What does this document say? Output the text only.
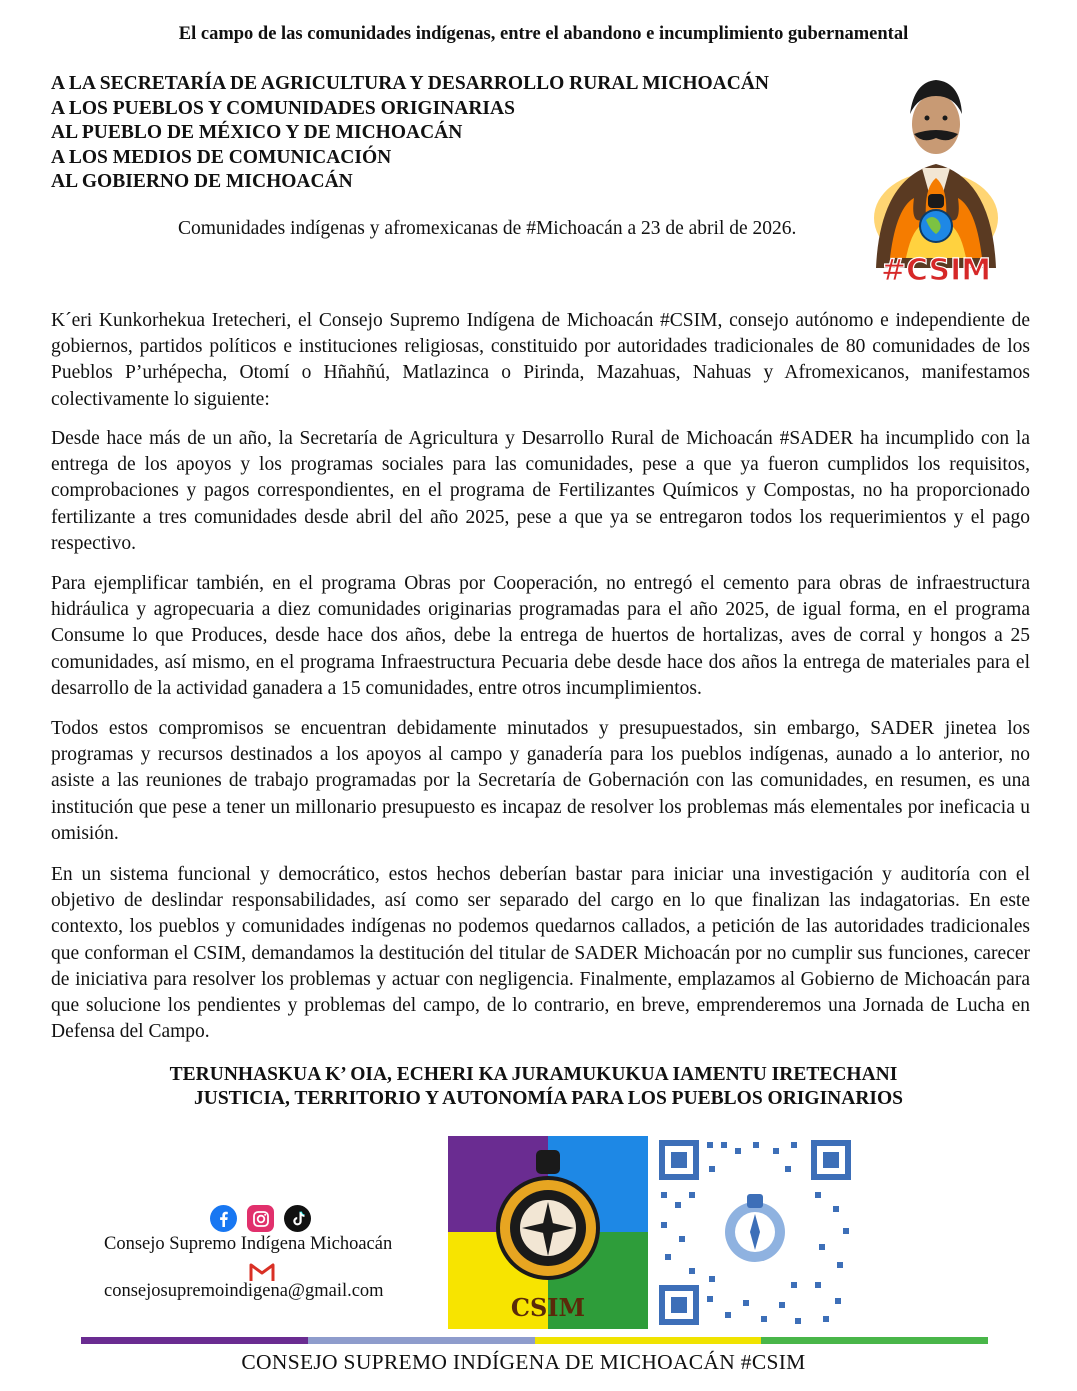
El campo de las comunidades indígenas, entre el abandono e incumplimiento gubernamental
A LA SECRETARÍA DE AGRICULTURA Y DESARROLLO RURAL MICHOACÁN
A LOS PUEBLOS Y COMUNIDADES ORIGINARIAS
AL PUEBLO DE MÉXICO Y DE MICHOACÁN
A LOS MEDIOS DE COMUNICACIÓN
AL GOBIERNO DE MICHOACÁN
Comunidades indígenas y afromexicanas de #Michoacán a 23 de abril de 2026.
#CSIM
K´eri Kunkorhekua Iretecheri, el Consejo Supremo Indígena de Michoacán #CSIM, consejo autónomo e independiente de gobiernos, partidos políticos e instituciones religiosas, constituido por autoridades tradicionales de 80 comunidades de los Pueblos P’urhépecha, Otomí o Hñahñú, Matlazinca o Pirinda, Mazahuas, Nahuas y Afromexicanos, manifestamos colectivamente lo siguiente:
Desde hace más de un año, la Secretaría de Agricultura y Desarrollo Rural de Michoacán #SADER ha incumplido con la entrega de los apoyos y los programas sociales para las comunidades, pese a que ya fueron cumplidos los requisitos, comprobaciones y pagos correspondientes, en el programa de Fertilizantes Químicos y Compostas, no ha proporcionado fertilizante a tres comunidades desde abril del año 2025, pese a que ya se entregaron todos los requerimientos y el pago respectivo.
Para ejemplificar también, en el programa Obras por Cooperación, no entregó el cemento para obras de infraestructura hidráulica y agropecuaria a diez comunidades originarias programadas para el año 2025, de igual forma, en el programa Consume lo que Produces, desde hace dos años, debe la entrega de huertos de hortalizas, aves de corral y hongos a 25 comunidades, así mismo, en el programa Infraestructura Pecuaria debe desde hace dos años la entrega de materiales para el desarrollo de la actividad ganadera a 15 comunidades, entre otros incumplimientos.
Todos estos compromisos se encuentran debidamente minutados y presupuestados, sin embargo, SADER jinetea los programas y recursos destinados a los apoyos al campo y ganadería para los pueblos indígenas, aunado a lo anterior, no asiste a las reuniones de trabajo programadas por la Secretaría de Gobernación con las comunidades, en resumen, es una institución que pese a tener un millonario presupuesto es incapaz de resolver los problemas más elementales por ineficacia u omisión.
En un sistema funcional y democrático, estos hechos deberían bastar para iniciar una investigación y auditoría con el objetivo de deslindar responsabilidades, así como ser separado del cargo en lo que finalizan las indagatorias. En este contexto, los pueblos y comunidades indígenas no podemos quedarnos callados, a petición de las autoridades tradicionales que conforman el CSIM, demandamos la destitución del titular de SADER Michoacán por no cumplir sus funciones, carecer de iniciativa para resolver los problemas y actuar con negligencia. Finalmente, emplazamos al Gobierno de Michoacán para que solucione los pendientes y problemas del campo, de lo contrario, en breve, emprenderemos una Jornada de Lucha en Defensa del Campo.
TERUNHASKUA K’ OIA, ECHERI KA JURAMUKUKUA IAMENTU IRETECHANI
JUSTICIA, TERRITORIO Y AUTONOMÍA PARA LOS PUEBLOS ORIGINARIOS
Consejo Supremo Indígena Michoacán
consejosupremoindigena@gmail.com
CSIM
CONSEJO SUPREMO INDÍGENA DE MICHOACÁN #CSIM
